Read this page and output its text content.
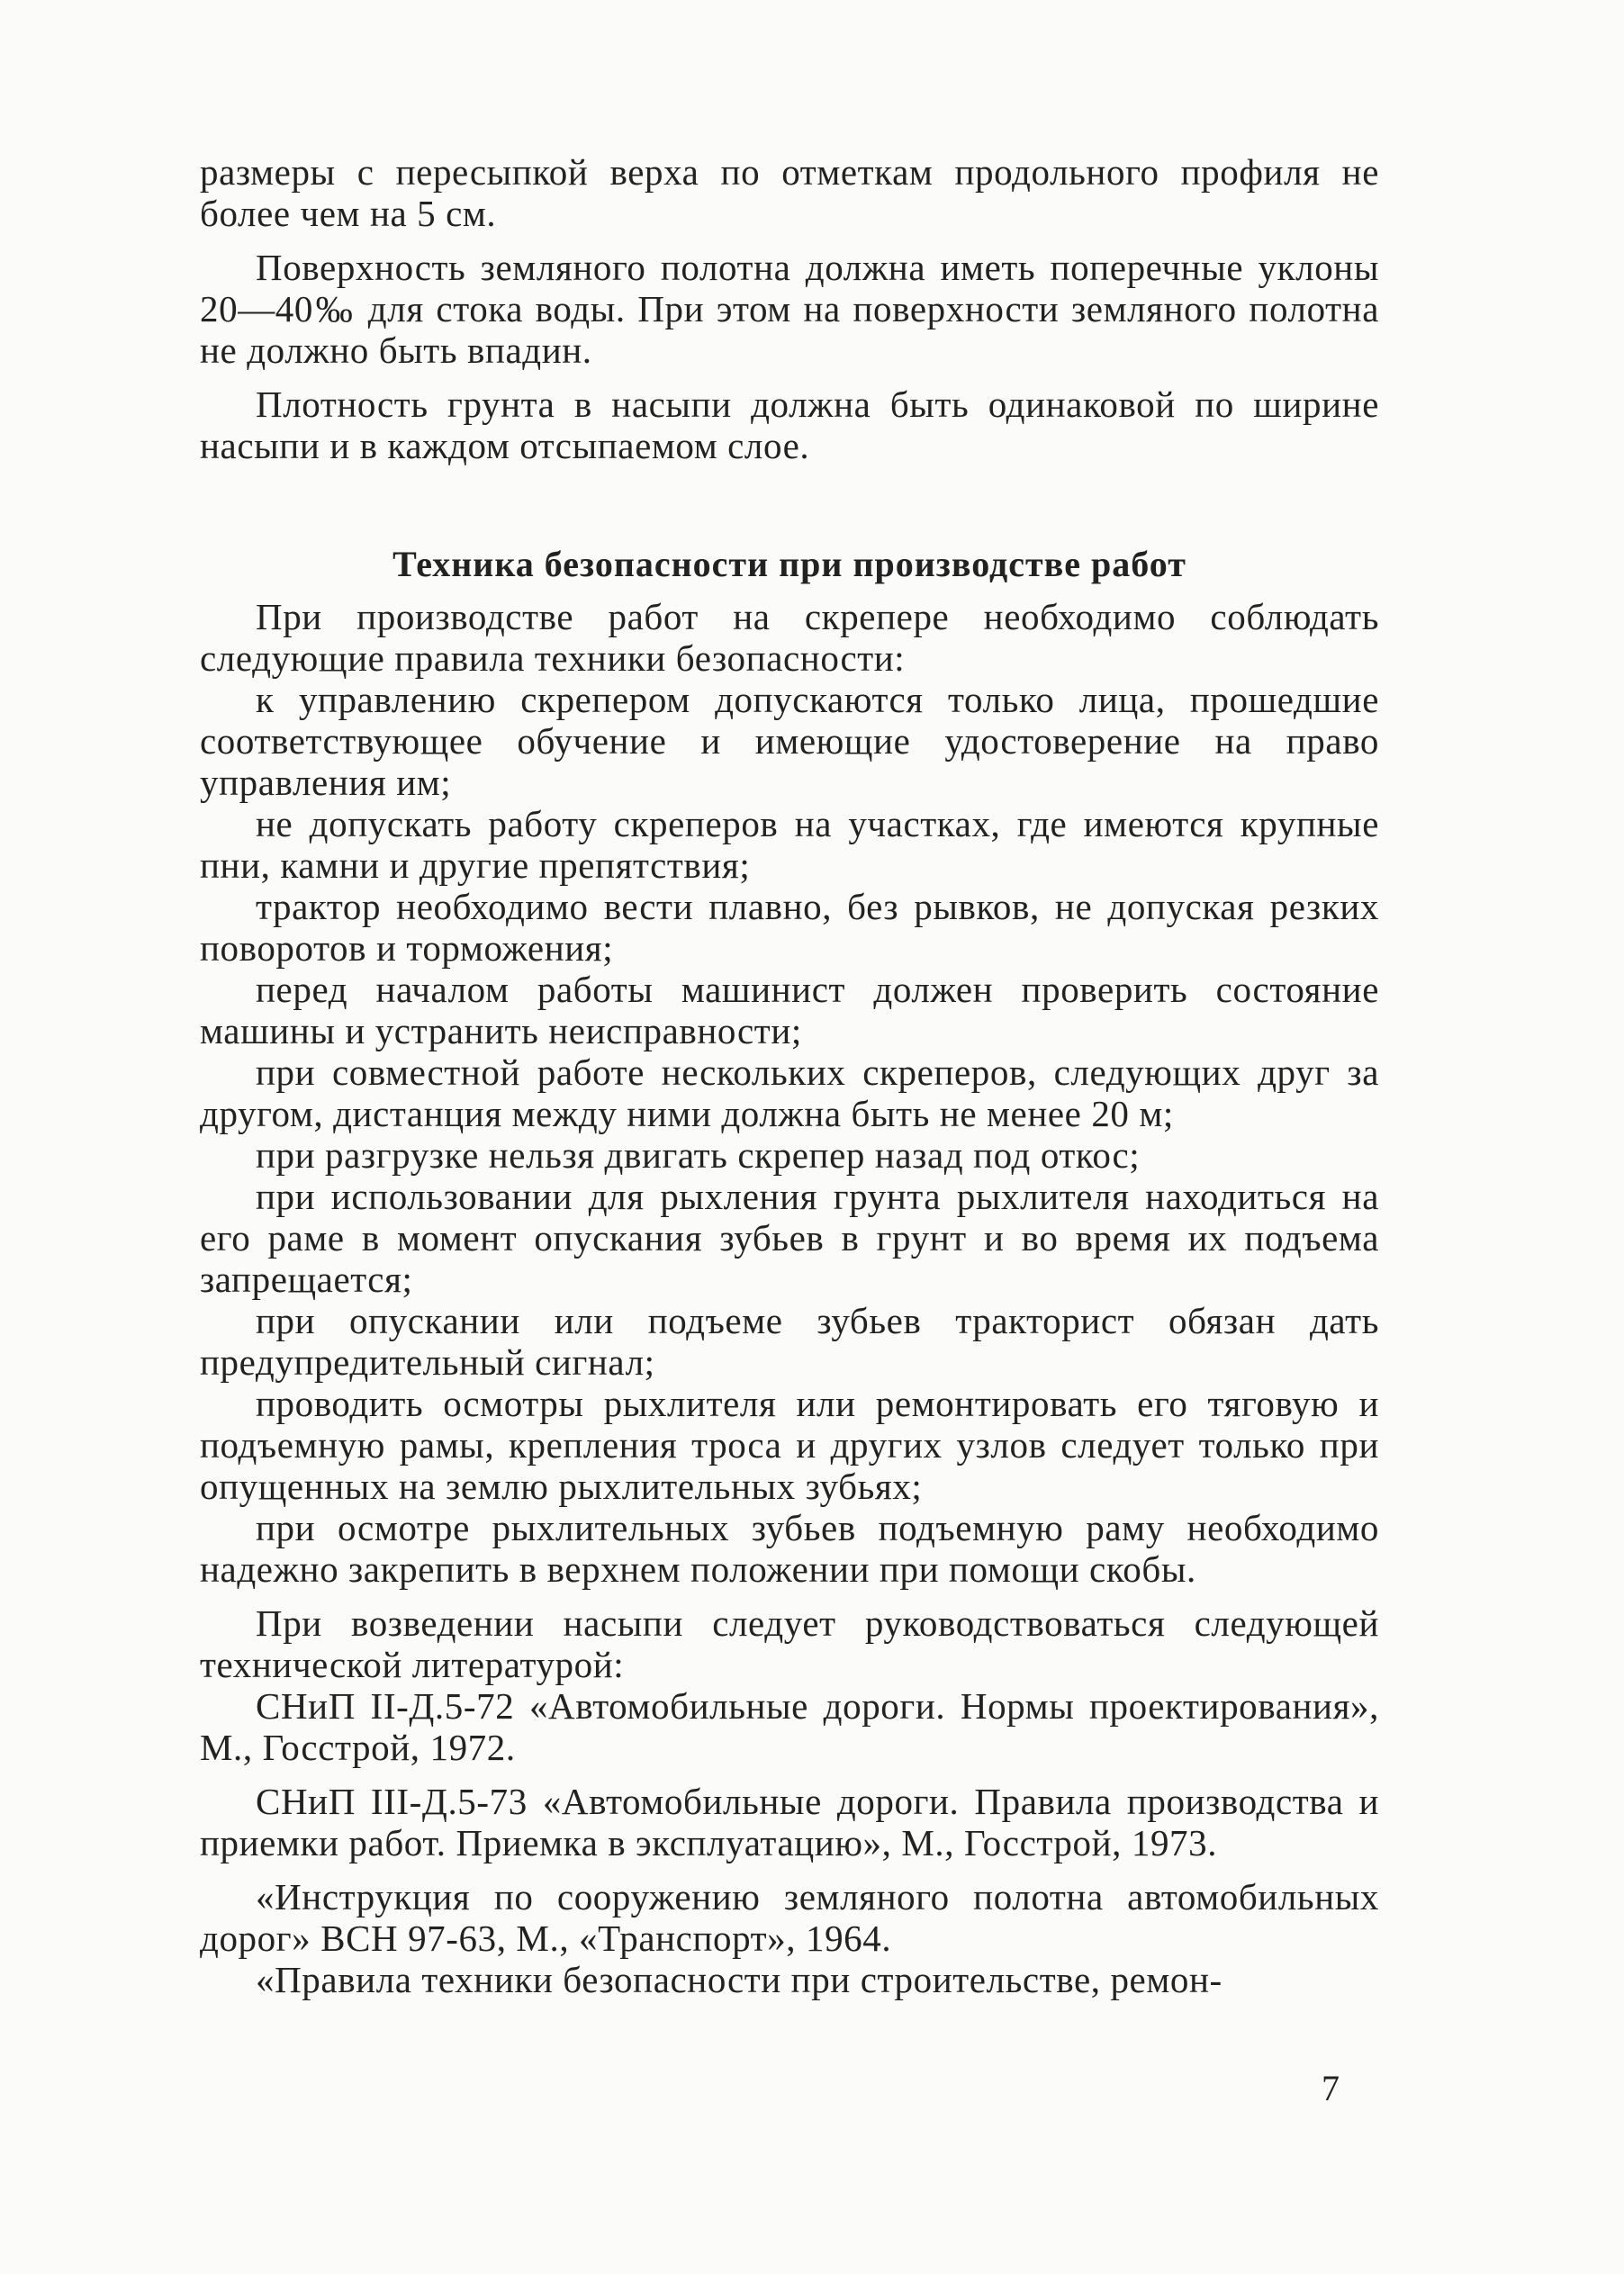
размеры с пересыпкой верха по отметкам продольного профиля не более чем на 5 см.

Поверхность земляного полотна должна иметь поперечные уклоны 20—40‰ для стока воды. При этом на поверхности земляного полотна не должно быть впадин.

Плотность грунта в насыпи должна быть одинаковой по ширине насыпи и в каждом отсыпаемом слое.

Техника безопасности при производстве работ

При производстве работ на скрепере необходимо соблюдать следующие правила техники безопасности:

к управлению скрепером допускаются только лица, прошедшие соответствующее обучение и имеющие удостоверение на право управления им;

не допускать работу скреперов на участках, где имеются крупные пни, камни и другие препятствия;

трактор необходимо вести плавно, без рывков, не допуская резких поворотов и торможения;

перед началом работы машинист должен проверить состояние машины и устранить неисправности;

при совместной работе нескольких скреперов, следующих друг за другом, дистанция между ними должна быть не менее 20 м;

при разгрузке нельзя двигать скрепер назад под откос;

при использовании для рыхления грунта рыхлителя находиться на его раме в момент опускания зубьев в грунт и во время их подъема запрещается;

при опускании или подъеме зубьев тракторист обязан дать предупредительный сигнал;

проводить осмотры рыхлителя или ремонтировать его тяговую и подъемную рамы, крепления троса и других узлов следует только при опущенных на землю рыхлительных зубьях;

при осмотре рыхлительных зубьев подъемную раму необходимо надежно закрепить в верхнем положении при помощи скобы.

При возведении насыпи следует руководствоваться следующей технической литературой:

СНиП II-Д.5-72 «Автомобильные дороги. Нормы проектирования», М., Госстрой, 1972.

СНиП III-Д.5-73 «Автомобильные дороги. Правила производства и приемки работ. Приемка в эксплуатацию», М., Госстрой, 1973.

«Инструкция по сооружению земляного полотна автомобильных дорог» ВСН 97-63, М., «Транспорт», 1964.

«Правила техники безопасности при строительстве, ремон-

7
